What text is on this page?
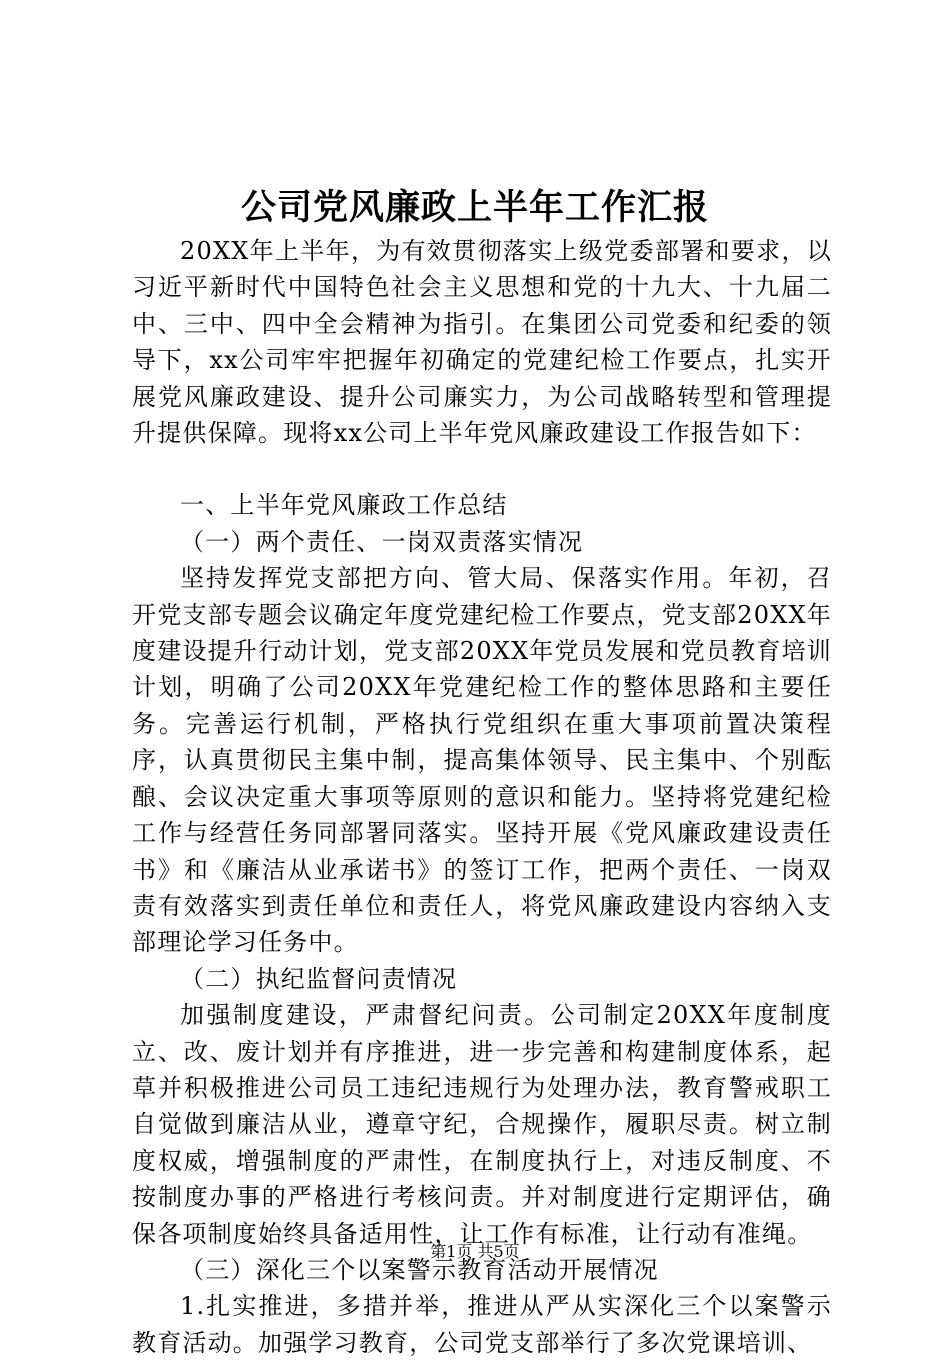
公司党风廉政上半年工作汇报

20XX年上半年，为有效贯彻落实上级党委部署和要求，以习近平新时代中国特色社会主义思想和党的十九大、十九届二中、三中、四中全会精神为指引。在集团公司党委和纪委的领导下，xx公司牢牢把握年初确定的党建纪检工作要点，扎实开展党风廉政建设、提升公司廉实力，为公司战略转型和管理提升提供保障。现将xx公司上半年党风廉政建设工作报告如下：

一、上半年党风廉政工作总结

（一）两个责任、一岗双责落实情况

坚持发挥党支部把方向、管大局、保落实作用。年初，召开党支部专题会议确定年度党建纪检工作要点，党支部20XX年度建设提升行动计划，党支部20XX年党员发展和党员教育培训计划，明确了公司20XX年党建纪检工作的整体思路和主要任务。完善运行机制，严格执行党组织在重大事项前置决策程序，认真贯彻民主集中制，提高集体领导、民主集中、个别酝酿、会议决定重大事项等原则的意识和能力。坚持将党建纪检工作与经营任务同部署同落实。坚持开展《党风廉政建设责任书》和《廉洁从业承诺书》的签订工作，把两个责任、一岗双责有效落实到责任单位和责任人，将党风廉政建设内容纳入支部理论学习任务中。

（二）执纪监督问责情况

加强制度建设，严肃督纪问责。公司制定20XX年度制度立、改、废计划并有序推进，进一步完善和构建制度体系，起草并积极推进公司员工违纪违规行为处理办法，教育警戒职工自觉做到廉洁从业，遵章守纪，合规操作，履职尽责。树立制度权威，增强制度的严肃性，在制度执行上，对违反制度、不按制度办事的严格进行考核问责。并对制度进行定期评估，确保各项制度始终具备适用性，让工作有标准，让行动有准绳。

（三）深化三个以案警示教育活动开展情况

1.扎实推进，多措并举，推进从严从实深化三个以案警示教育活动。加强学习教育，公司党支部举行了多次党课培训、

第1页 共5页
